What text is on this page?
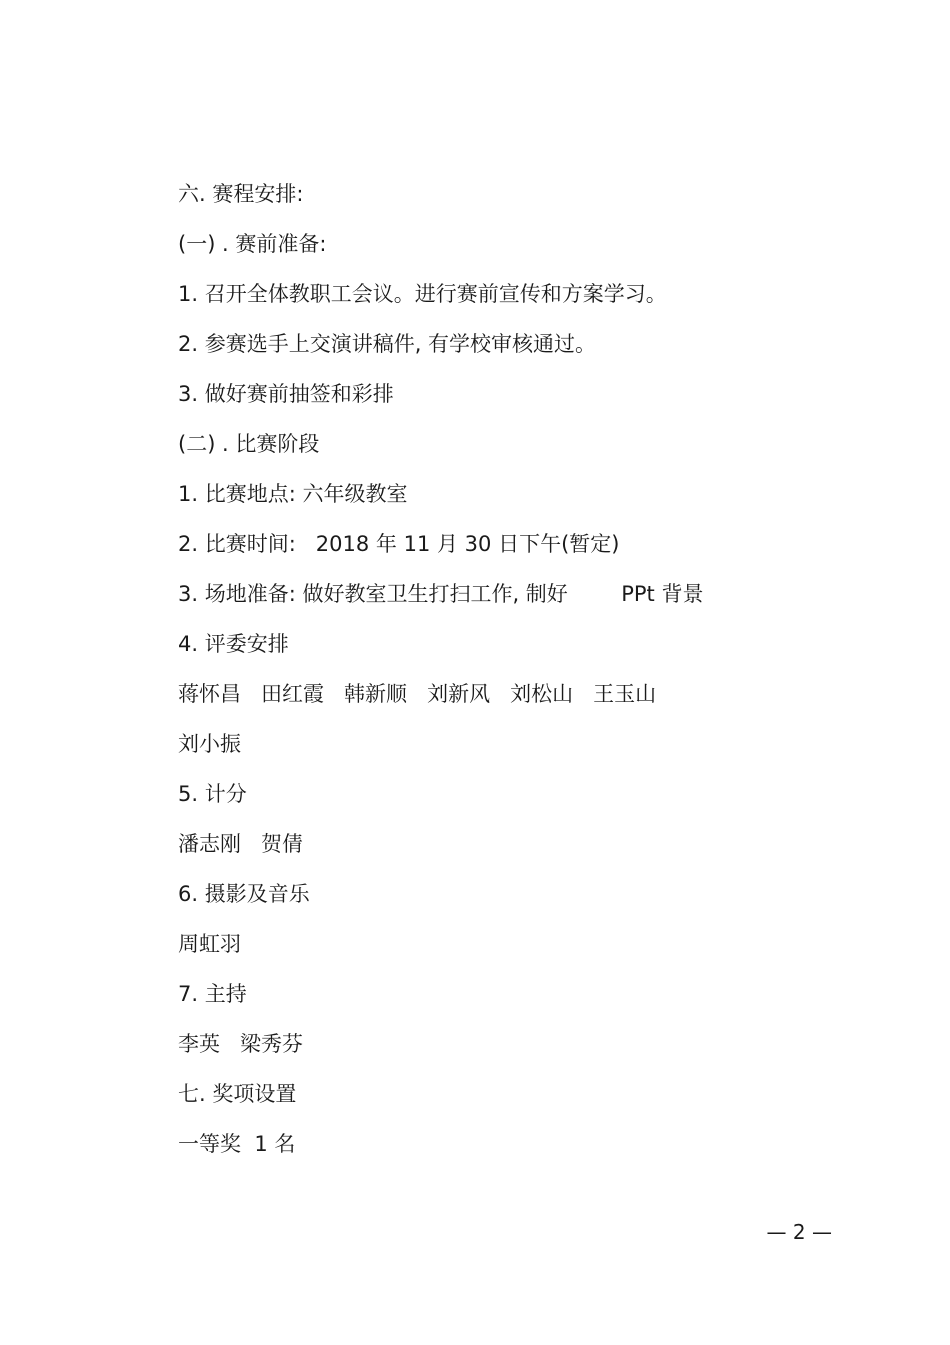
六. 赛程安排:
(一) . 赛前准备:
1. 召开全体教职工会议。进行赛前宣传和方案学习。
2. 参赛选手上交演讲稿件, 有学校审核通过。
3. 做好赛前抽签和彩排
(二) . 比赛阶段
1. 比赛地点: 六年级教室
2. 比赛时间:   2018 年 11 月 30 日下午(暂定)
3. 场地准备: 做好教室卫生打扫工作, 制好        PPt 背景
4. 评委安排
蒋怀昌   田红霞   韩新顺   刘新风   刘松山   王玉山
刘小振
5. 计分
潘志刚   贺倩
6. 摄影及音乐
周虹羽
7. 主持
李英   梁秀芬
七. 奖项设置
一等奖  1 名
— 2 —
